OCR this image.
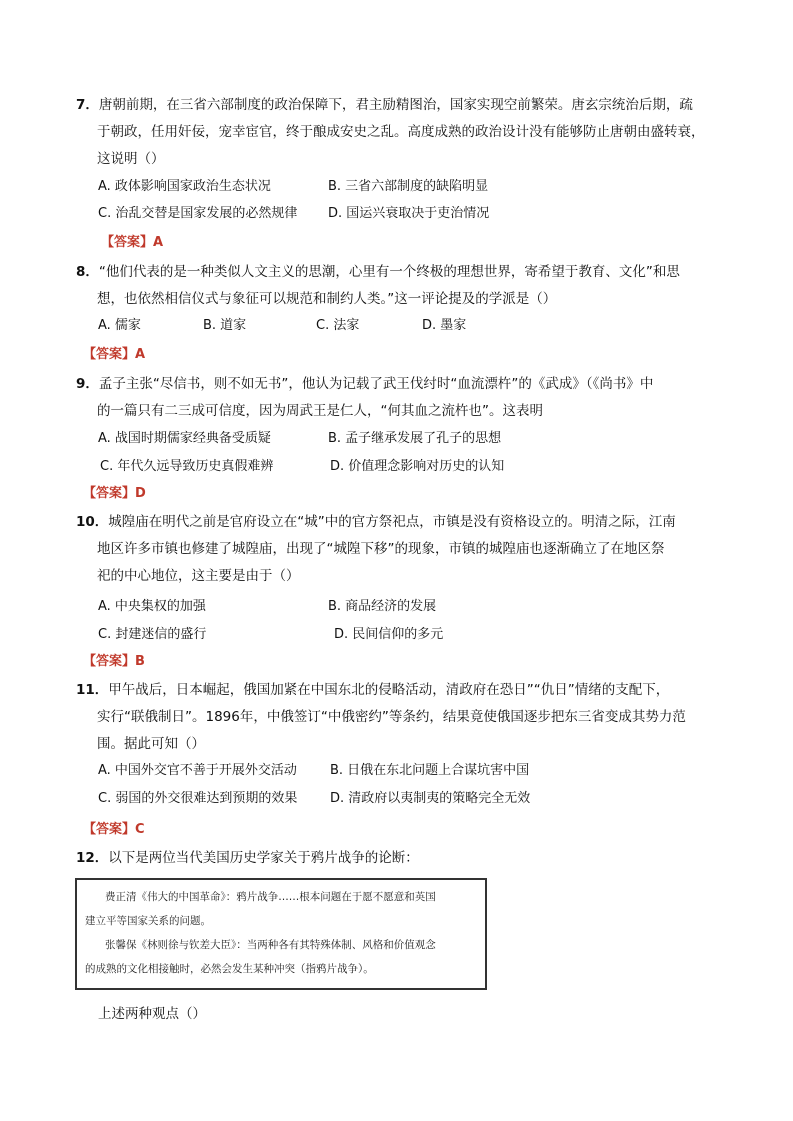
7．唐朝前期，在三省六部制度的政治保障下，君主励精图治，国家实现空前繁荣。唐玄宗统治后期，疏
于朝政，任用奸佞，宠幸宦官，终于酿成安史之乱。高度成熟的政治设计没有能够防止唐朝由盛转衰，
这说明（）
A. 政体影响国家政治生态状况	B. 三省六部制度的缺陷明显
C. 治乱交替是国家发展的必然规律 D. 国运兴衰取决于吏治情况
【答案】A
8．“他们代表的是一种类似人文主义的思潮，心里有一个终极的理想世界，寄希望于教育、文化”和思
想，也依然相信仪式与象征可以规范和制约人类。”这一评论提及的学派是（）
A. 儒家	B. 道家	C. 法家	D. 墨家
【答案】A
9．孟子主张“尽信书，则不如无书”，他认为记载了武王伐纣时“血流漂杵”的《武成》（《尚书》中
的一篇只有二三成可信度，因为周武王是仁人，“何其血之流杵也”。这表明
A. 战国时期儒家经典备受质疑	B. 孟子继承发展了孔子的思想
C. 年代久远导致历史真假难辨	D. 价值理念影响对历史的认知
【答案】D
10．城隍庙在明代之前是官府设立在“城”中的官方祭祀点，市镇是没有资格设立的。明清之际，江南
地区许多市镇也修建了城隍庙，出现了“城隍下移”的现象，市镇的城隍庙也逐渐确立了在地区祭
祀的中心地位，这主要是由于（）
A. 中央集权的加强	B. 商品经济的发展
C. 封建迷信的盛行	D. 民间信仰的多元
【答案】B
11．甲午战后，日本崛起，俄国加紧在中国东北的侵略活动，清政府在恐日”“仇日”情绪的支配下，
实行“联俄制日”。1896年，中俄签订“中俄密约”等条约，结果竟使俄国逐步把东三省变成其势力范
围。据此可知（）
A. 中国外交官不善于开展外交活动	B. 日俄在东北问题上合谋坑害中国
C. 弱国的外交很难达到预期的效果	D. 清政府以夷制夷的策略完全无效
【答案】C
12．以下是两位当代美国历史学家关于鸦片战争的论断：
费正清《伟大的中国革命》：鸦片战争……根本问题在于愿不愿意和英国
建立平等国家关系的问题。
张馨保《林则徐与钦差大臣》：当两种各有其特殊体制、风格和价值观念
的成熟的文化相接触时，必然会发生某种冲突（指鸦片战争）。
上述两种观点（）
